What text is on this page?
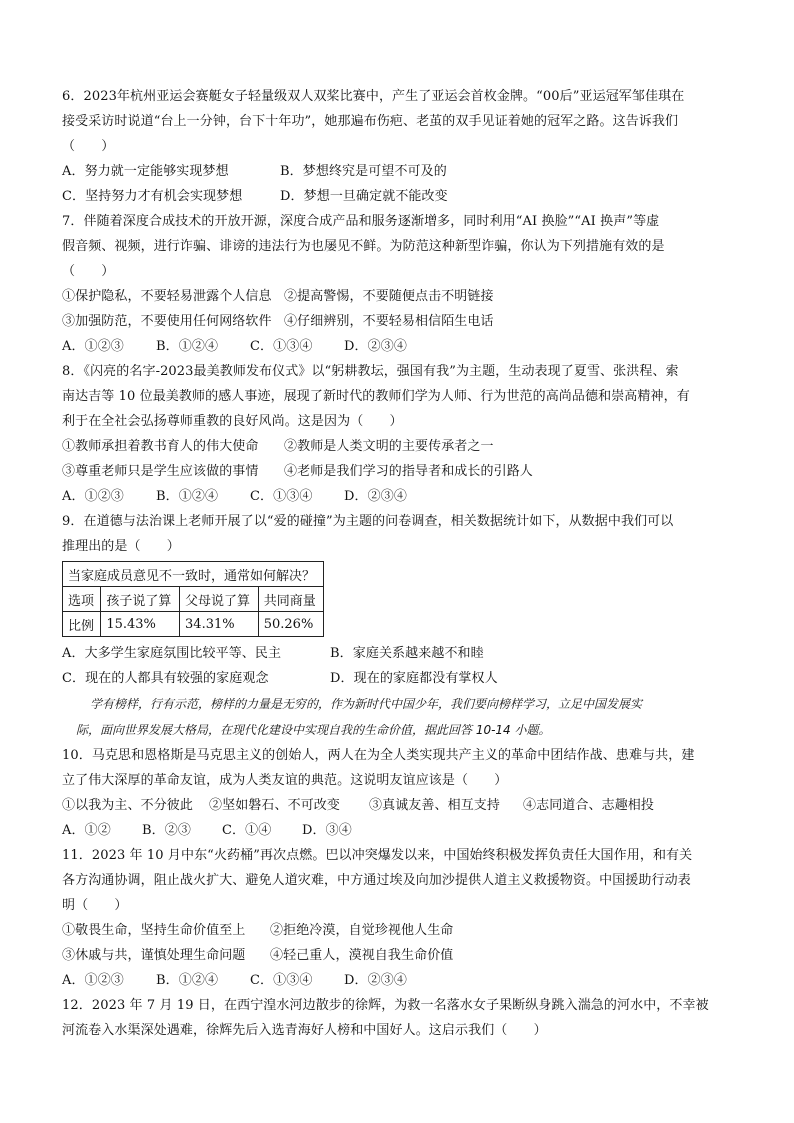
6．2023年杭州亚运会赛艇女子轻量级双人双桨比赛中，产生了亚运会首枚金牌。“00后”亚运冠军邹佳琪在
接受采访时说道“台上一分钟，台下十年功”，她那遍布伤疤、老茧的双手见证着她的冠军之路。这告诉我们
（　　）
A．努力就一定能够实现梦想	B．梦想终究是可望不可及的
C．坚持努力才有机会实现梦想	D．梦想一旦确定就不能改变
7．伴随着深度合成技术的开放开源，深度合成产品和服务逐渐增多，同时利用“AI 换脸”“AI 换声”等虚
假音频、视频，进行诈骗、诽谤的违法行为也屡见不鲜。为防范这种新型诈骗，你认为下列措施有效的是
（　　）
①保护隐私，不要轻易泄露个人信息 ②提高警惕，不要随便点击不明链接
③加强防范，不要使用任何网络软件 ④仔细辨别，不要轻易相信陌生电话
A．①②③ B．①②④ C．①③④ D．②③④
8．《闪亮的名字-2023最美教师发布仪式》以“躬耕教坛，强国有我”为主题，生动表现了夏雪、张洪程、索
南达吉等 10 位最美教师的感人事迹，展现了新时代的教师们学为人师、行为世范的高尚品德和崇高精神，有
利于在全社会弘扬尊师重教的良好风尚。这是因为（　　）
①教师承担着教书育人的伟大使命 ②教师是人类文明的主要传承者之一
③尊重老师只是学生应该做的事情 ④老师是我们学习的指导者和成长的引路人
A．①②③ B．①②④ C．①③④ D．②③④
9．在道德与法治课上老师开展了以“爱的碰撞”为主题的问卷调查，相关数据统计如下，从数据中我们可以
推理出的是（　　）
当家庭成员意见不一致时，通常如何解决？			
选项	孩子说了算	父母说了算	共同商量
比例	15.43%	34.31%	50.26%
A．大多学生家庭氛围比较平等、民主	B．家庭关系越来越不和睦
C．现在的人都具有较强的家庭观念	D．现在的家庭都没有掌权人
学有榜样，行有示范，榜样的力量是无穷的，作为新时代中国少年，我们要向榜样学习，立足中国发展实
际，面向世界发展大格局，在现代化建设中实现自我的生命价值，据此回答 10-14 小题。
10．马克思和恩格斯是马克思主义的创始人，两人在为全人类实现共产主义的革命中团结作战、患难与共，建
立了伟大深厚的革命友谊，成为人类友谊的典范。这说明友谊应该是（　　）
①以我为主、不分彼此 ②坚如磐石、不可改变 ③真诚友善、相互支持 ④志同道合、志趣相投
A．①② B．②③ C．①④ D．③④
11．2023 年 10 月中东“火药桶”再次点燃。巴以冲突爆发以来，中国始终积极发挥负责任大国作用，和有关
各方沟通协调，阻止战火扩大、避免人道灾难，中方通过埃及向加沙提供人道主义救援物资。中国援助行动表
明（　　）
①敬畏生命，坚持生命价值至上 ②拒绝冷漠，自觉珍视他人生命
③休戚与共，谨慎处理生命问题 ④轻己重人，漠视自我生命价值
A．①②③ B．①②④ C．①③④ D．②③④
12．2023 年 7 月 19 日，在西宁湟水河边散步的徐辉，为救一名落水女子果断纵身跳入湍急的河水中，不幸被
河流卷入水渠深处遇难，徐辉先后入选青海好人榜和中国好人。这启示我们（　　）
